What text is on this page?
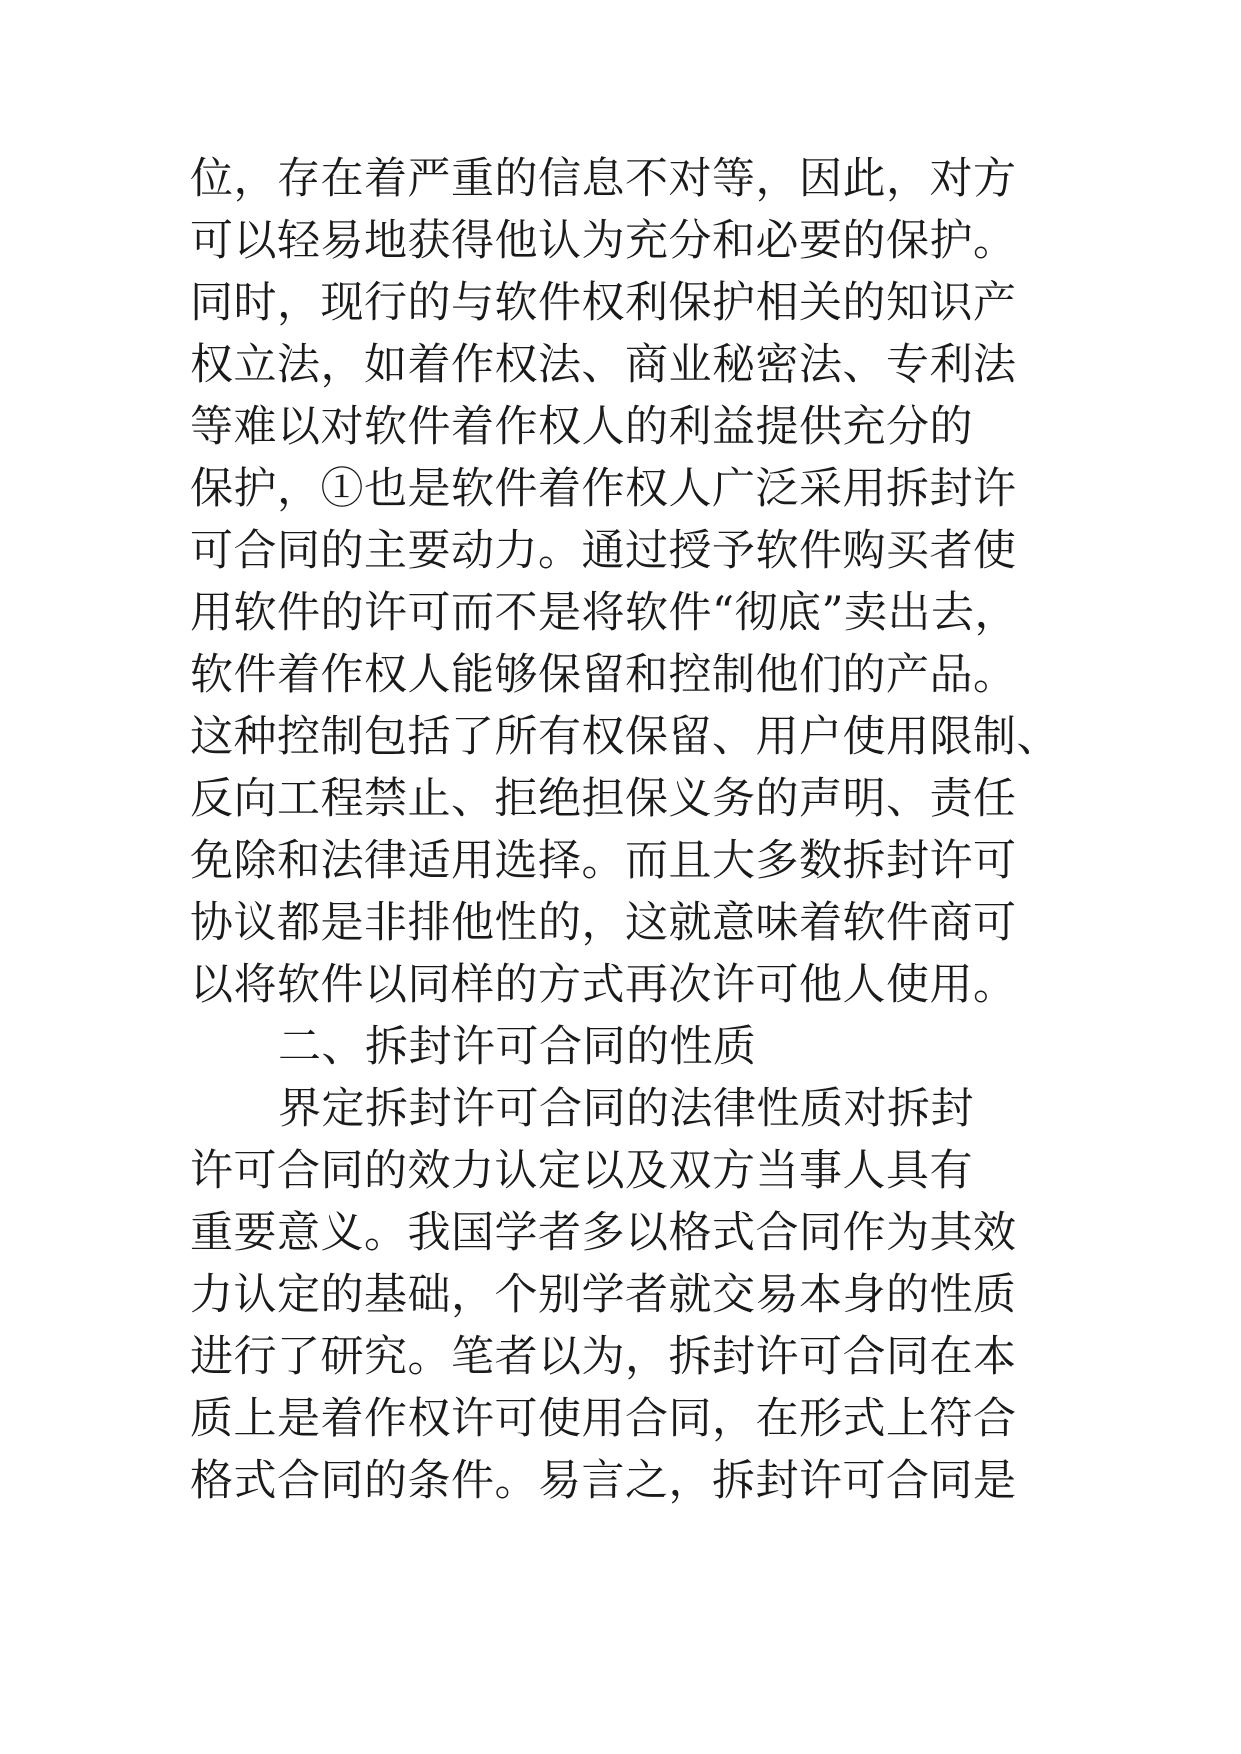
位，存在着严重的信息不对等，因此，对方
可以轻易地获得他认为充分和必要的保护。
同时，现行的与软件权利保护相关的知识产
权立法，如着作权法、商业秘密法、专利法
等难以对软件着作权人的利益提供充分的
保护，①也是软件着作权人广泛采用拆封许
可合同的主要动力。通过授予软件购买者使
用软件的许可而不是将软件“彻底”卖出去，
软件着作权人能够保留和控制他们的产品。
这种控制包括了所有权保留、用户使用限制、
反向工程禁止、拒绝担保义务的声明、责任
免除和法律适用选择。而且大多数拆封许可
协议都是非排他性的，这就意味着软件商可
以将软件以同样的方式再次许可他人使用。
二、拆封许可合同的性质
界定拆封许可合同的法律性质对拆封
许可合同的效力认定以及双方当事人具有
重要意义。我国学者多以格式合同作为其效
力认定的基础，个别学者就交易本身的性质
进行了研究。笔者以为，拆封许可合同在本
质上是着作权许可使用合同，在形式上符合
格式合同的条件。易言之，拆封许可合同是
